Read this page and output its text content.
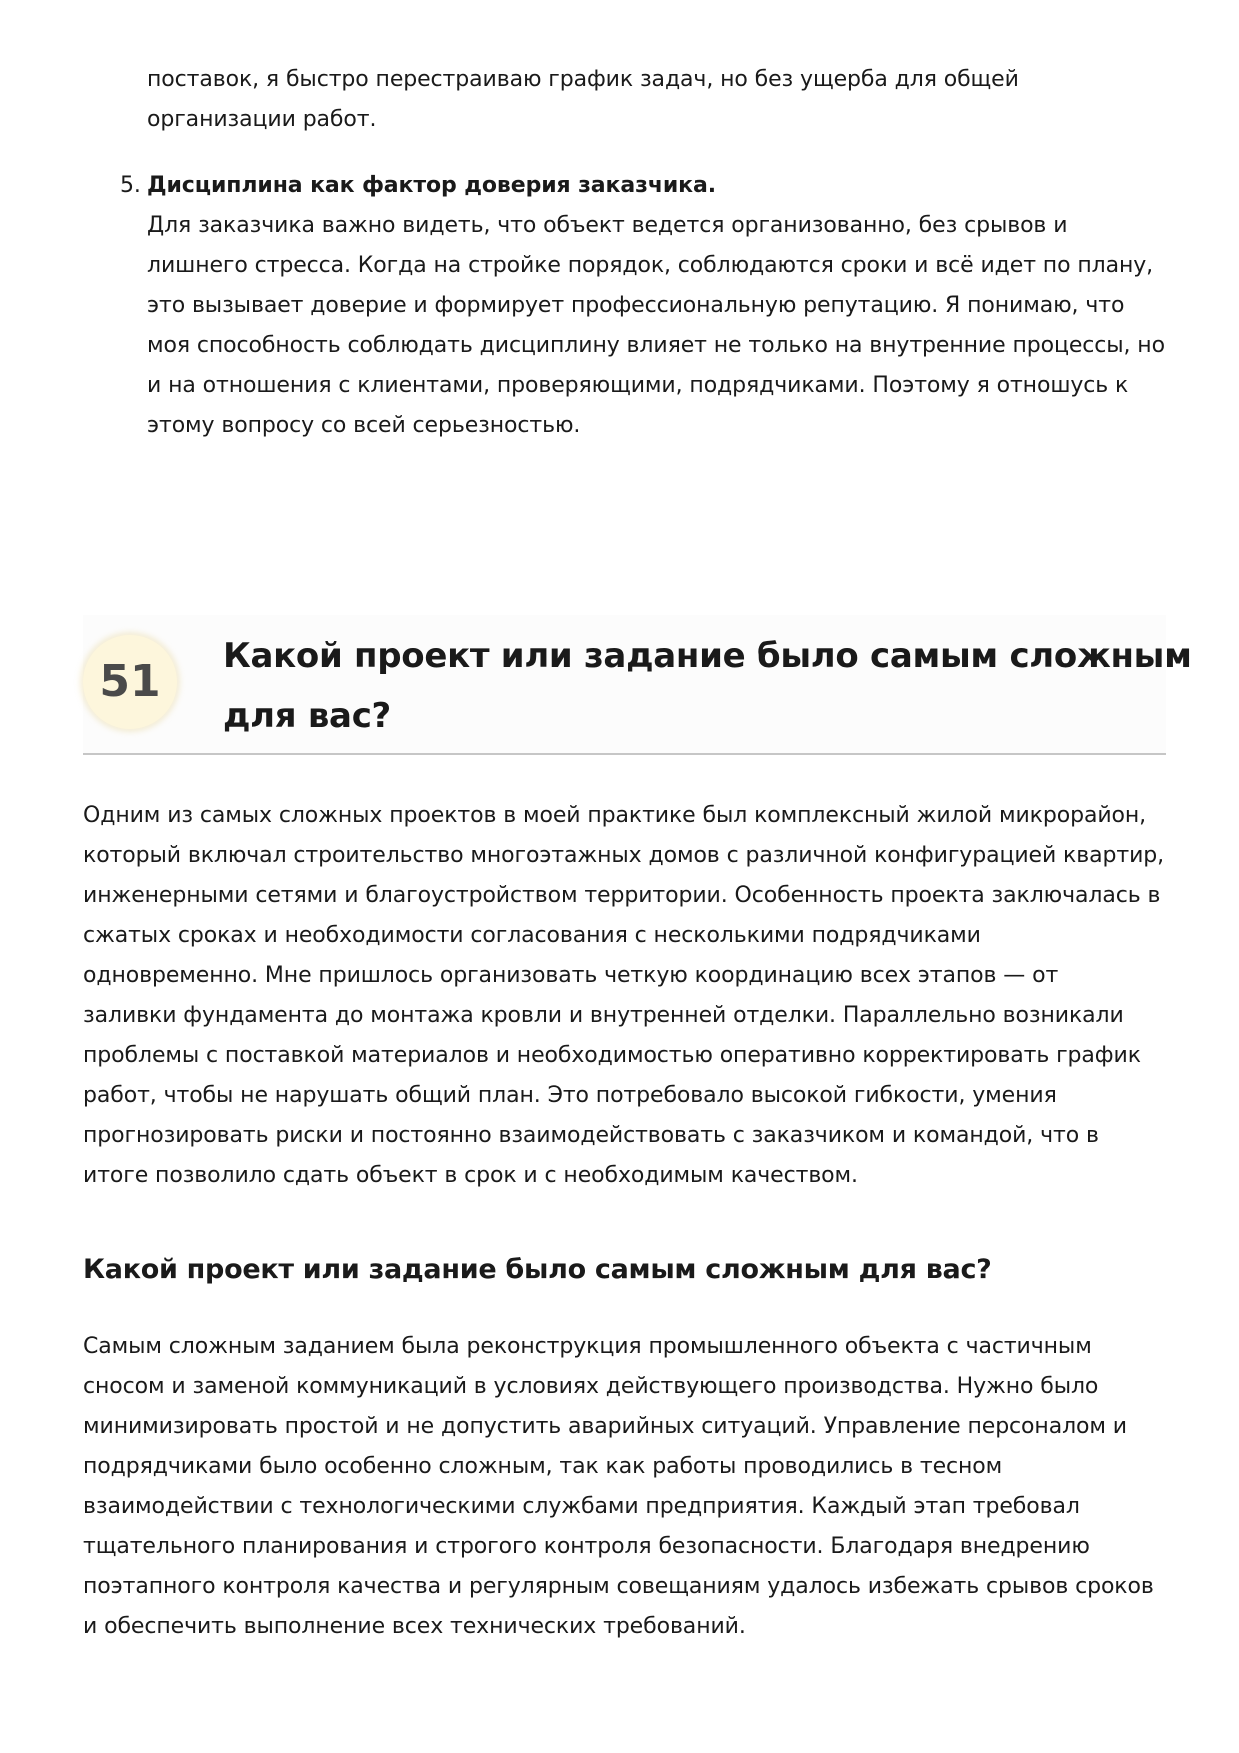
поставок, я быстро перестраиваю график задач, но без ущерба для общей
организации работ.
5. Дисциплина как фактор доверия заказчика.
Для заказчика важно видеть, что объект ведется организованно, без срывов и
лишнего стресса. Когда на стройке порядок, соблюдаются сроки и всё идет по плану,
это вызывает доверие и формирует профессиональную репутацию. Я понимаю, что
моя способность соблюдать дисциплину влияет не только на внутренние процессы, но
и на отношения с клиентами, проверяющими, подрядчиками. Поэтому я отношусь к
этому вопросу со всей серьезностью.
51	Какой проект или задание было самым сложным
для вас?
Одним из самых сложных проектов в моей практике был комплексный жилой микрорайон,
который включал строительство многоэтажных домов с различной конфигурацией квартир,
инженерными сетями и благоустройством территории. Особенность проекта заключалась в
сжатых сроках и необходимости согласования с несколькими подрядчиками
одновременно. Мне пришлось организовать четкую координацию всех этапов — от
заливки фундамента до монтажа кровли и внутренней отделки. Параллельно возникали
проблемы с поставкой материалов и необходимостью оперативно корректировать график
работ, чтобы не нарушать общий план. Это потребовало высокой гибкости, умения
прогнозировать риски и постоянно взаимодействовать с заказчиком и командой, что в
итоге позволило сдать объект в срок и с необходимым качеством.
Какой проект или задание было самым сложным для вас?
Самым сложным заданием была реконструкция промышленного объекта с частичным
сносом и заменой коммуникаций в условиях действующего производства. Нужно было
минимизировать простой и не допустить аварийных ситуаций. Управление персоналом и
подрядчиками было особенно сложным, так как работы проводились в тесном
взаимодействии с технологическими службами предприятия. Каждый этап требовал
тщательного планирования и строгого контроля безопасности. Благодаря внедрению
поэтапного контроля качества и регулярным совещаниям удалось избежать срывов сроков
и обеспечить выполнение всех технических требований.
